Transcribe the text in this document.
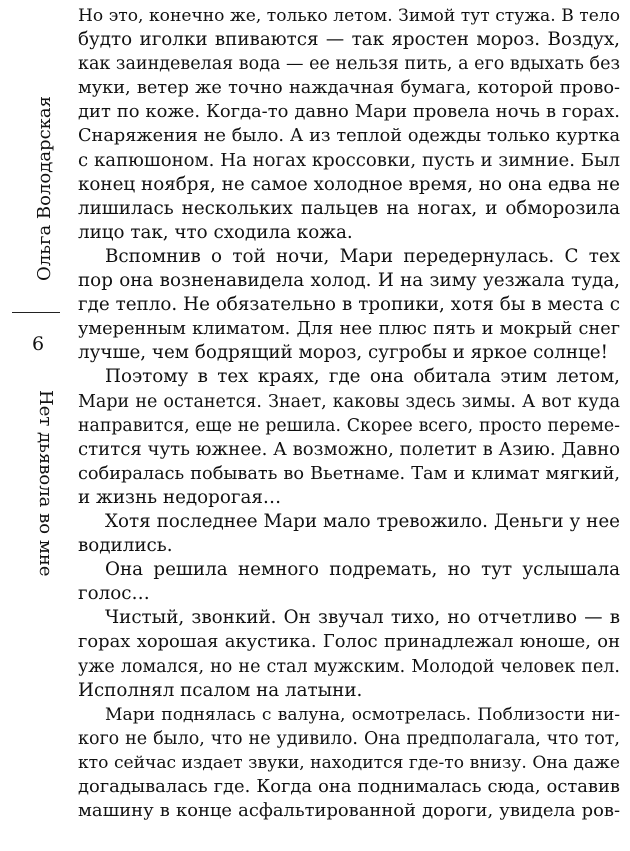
Ольга Володарская
6
Нет дьявола во мне
Но это, конечно же, только летом. Зимой тут стужа. В тело
будто иголки впиваются — так яростен мороз. Воздух,
как заиндевелая вода — ее нельзя пить, а его вдыхать без
муки, ветер же точно наждачная бумага, которой прово-
дит по коже. Когда-то давно Мари провела ночь в горах.
Снаряжения не было. А из теплой одежды только куртка
с капюшоном. На ногах кроссовки, пусть и зимние. Был
конец ноября, не самое холодное время, но она едва не
лишилась нескольких пальцев на ногах, и обморозила
лицо так, что сходила кожа.
Вспомнив о той ночи, Мари передернулась. С тех
пор она возненавидела холод. И на зиму уезжала туда,
где тепло. Не обязательно в тропики, хотя бы в места с
умеренным климатом. Для нее плюс пять и мокрый снег
лучше, чем бодрящий мороз, сугробы и яркое солнце!
Поэтому в тех краях, где она обитала этим летом,
Мари не останется. Знает, каковы здесь зимы. А вот куда
направится, еще не решила. Скорее всего, просто переме-
стится чуть южнее. А возможно, полетит в Азию. Давно
собиралась побывать во Вьетнаме. Там и климат мягкий,
и жизнь недорогая…
Хотя последнее Мари мало тревожило. Деньги у нее
водились.
Она решила немного подремать, но тут услышала
голос…
Чистый, звонкий. Он звучал тихо, но отчетливо — в
горах хорошая акустика. Голос принадлежал юноше, он
уже ломался, но не стал мужским. Молодой человек пел.
Исполнял псалом на латыни.
Мари поднялась с валуна, осмотрелась. Поблизости ни-
кого не было, что не удивило. Она предполагала, что тот,
кто сейчас издает звуки, находится где-то внизу. Она даже
догадывалась где. Когда она поднималась сюда, оставив
машину в конце асфальтированной дороги, увидела ров-
